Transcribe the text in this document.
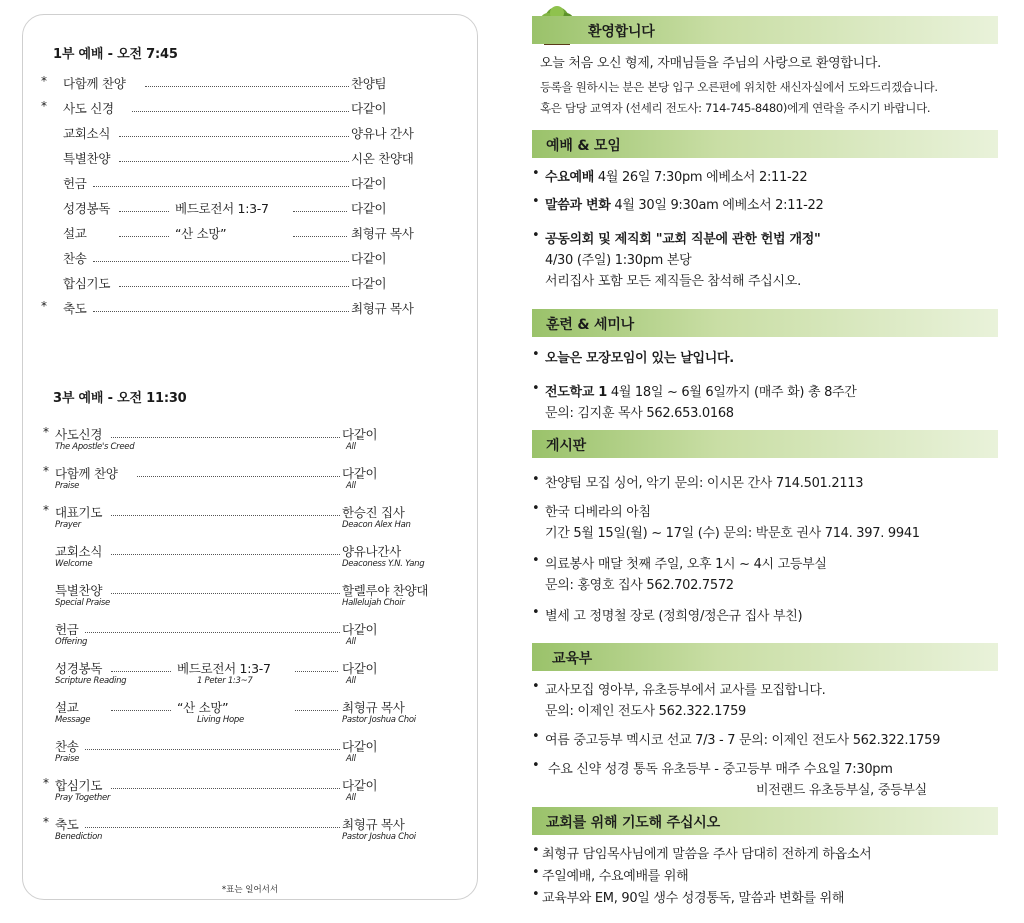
1부 예배 - 오전 7:45
* 다함께 찬양	찬양팀
* 사도 신경	다같이
교회소식	양유나 간사
특별찬양	시온 찬양대
헌금	다같이
성경봉독	베드로전서 1:3-7	다같이
설교	“산 소망”	최형규 목사
찬송	다같이
합심기도	다같이
* 축도	최형규 목사
3부 예배 - 오전 11:30
* 사도신경	다같이
The Apostle's Creed	All
* 다함께 찬양	다같이
Praise	All
* 대표기도	한승진 집사
Prayer	Deacon Alex Han
교회소식	양유나간사
Welcome	Deaconess Y.N. Yang
특별찬양	할렐루야 찬양대
Special Praise	Hallelujah Choir
헌금	다같이
Offering	All
성경봉독	베드로전서 1:3-7	다같이
Scripture Reading	1 Peter 1:3~7	All
설교	“산 소망”	최형규 목사
Message	Living Hope	Pastor Joshua Choi
찬송	다같이
Praise	All
* 합심기도	다같이
Pray Together	All
* 축도	최형규 목사
Benediction	Pastor Joshua Choi
*표는 일어서서
환영합니다
오늘 처음 오신 형제, 자매님들을 주님의 사랑으로 환영합니다.
등록을 원하시는 분은 본당 입구 오른편에 위치한 새신자실에서 도와드리겠습니다.
혹은 담당 교역자 (선세리 전도사: 714-745-8480)에게 연락을 주시기 바랍니다.
예배 & 모임
• 수요예배 4월 26일 7:30pm 에베소서 2:11-22
• 말씀과 변화 4월 30일 9:30am 에베소서 2:11-22
• 공동의회 및 제직회 "교회 직분에 관한 헌법 개정"
4/30 (주일) 1:30pm 본당
서리집사 포함 모든 제직들은 참석해 주십시오.
훈련 & 세미나
• 오늘은 모장모임이 있는 날입니다.
• 전도학교 1 4월 18일 ~ 6월 6일까지 (매주 화) 총 8주간
문의: 김지훈 목사 562.653.0168
게시판
• 찬양팀 모집 싱어, 악기 문의: 이시몬 간사 714.501.2113
• 한국 디베라의 아침
기간 5월 15일(월) ~ 17일 (수) 문의: 박문호 권사 714. 397. 9941
• 의료봉사 매달 첫째 주일, 오후 1시 ~ 4시 고등부실
문의: 홍영호 집사 562.702.7572
• 별세 고 정명철 장로 (정희영/정은규 집사 부친)
교육부
• 교사모집 영아부, 유초등부에서 교사를 모집합니다.
문의: 이제인 전도사 562.322.1759
• 여름 중고등부 멕시코 선교 7/3 - 7 문의: 이제인 전도사 562.322.1759
• 수요 신약 성경 통독 유초등부 - 중고등부 매주 수요일 7:30pm
비전랜드 유초등부실, 중등부실
교회를 위해 기도해 주십시오
• 최형규 담임목사님에게 말씀을 주사 담대히 전하게 하옵소서
• 주일예배, 수요예배를 위해
• 교육부와 EM, 90일 생수 성경통독, 말씀과 변화를 위해
